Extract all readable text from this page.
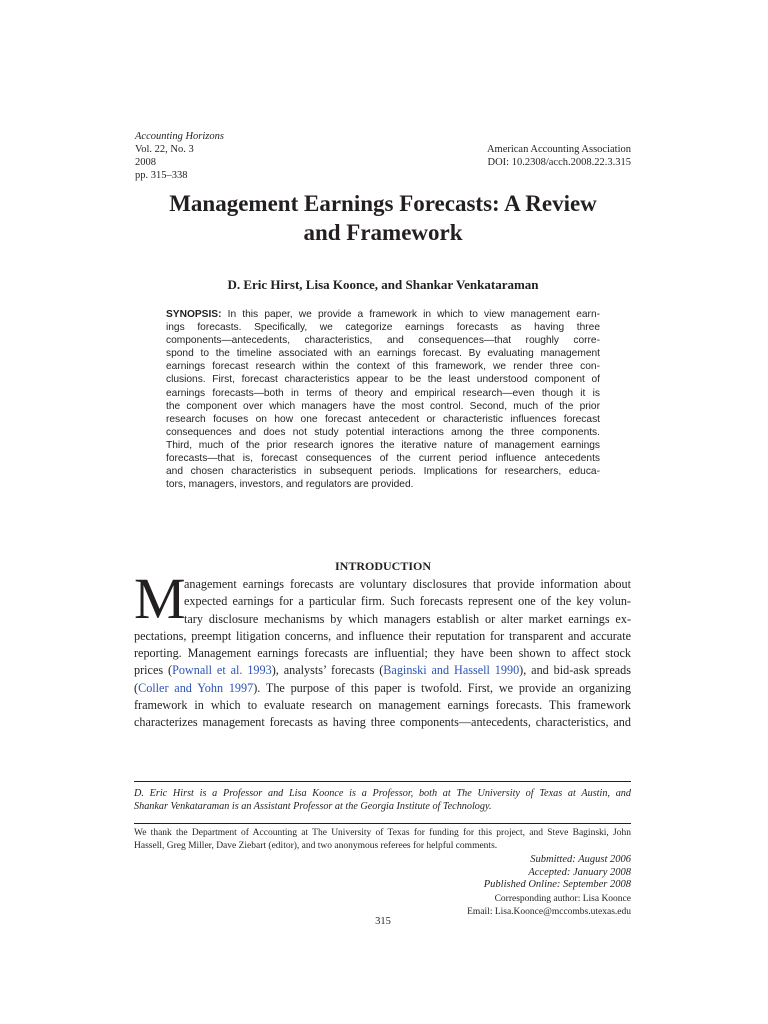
Accounting Horizons
Vol. 22, No. 3
2008
pp. 315–338
American Accounting Association
DOI: 10.2308/acch.2008.22.3.315
Management Earnings Forecasts: A Review
and Framework
D. Eric Hirst, Lisa Koonce, and Shankar Venkataraman
SYNOPSIS: In this paper, we provide a framework in which to view management earn-
ings forecasts. Specifically, we categorize earnings forecasts as having three
components—antecedents, characteristics, and consequences—that roughly corre-
spond to the timeline associated with an earnings forecast. By evaluating management
earnings forecast research within the context of this framework, we render three con-
clusions. First, forecast characteristics appear to be the least understood component of
earnings forecasts—both in terms of theory and empirical research—even though it is
the component over which managers have the most control. Second, much of the prior
research focuses on how one forecast antecedent or characteristic influences forecast
consequences and does not study potential interactions among the three components.
Third, much of the prior research ignores the iterative nature of management earnings
forecasts—that is, forecast consequences of the current period influence antecedents
and chosen characteristics in subsequent periods. Implications for researchers, educa-
tors, managers, investors, and regulators are provided.
INTRODUCTION
M
anagement earnings forecasts are voluntary disclosures that provide information about
expected earnings for a particular firm. Such forecasts represent one of the key volun-
tary disclosure mechanisms by which managers establish or alter market earnings ex-
pectations, preempt litigation concerns, and influence their reputation for transparent and accurate
reporting. Management earnings forecasts are influential; they have been shown to affect stock
prices (Pownall et al. 1993), analysts’ forecasts (Baginski and Hassell 1990), and bid-ask spreads
(Coller and Yohn 1997). The purpose of this paper is twofold. First, we provide an organizing
framework in which to evaluate research on management earnings forecasts. This framework
characterizes management forecasts as having three components—antecedents, characteristics, and
D. Eric Hirst is a Professor and Lisa Koonce is a Professor, both at The University of Texas at Austin, and
Shankar Venkataraman is an Assistant Professor at the Georgia Institute of Technology.
We thank the Department of Accounting at The University of Texas for funding for this project, and Steve Baginski, John
Hassell, Greg Miller, Dave Ziebart (editor), and two anonymous referees for helpful comments.
Submitted: August 2006
Accepted: January 2008
Published Online: September 2008
Corresponding author: Lisa Koonce
Email: Lisa.Koonce@mccombs.utexas.edu
315
